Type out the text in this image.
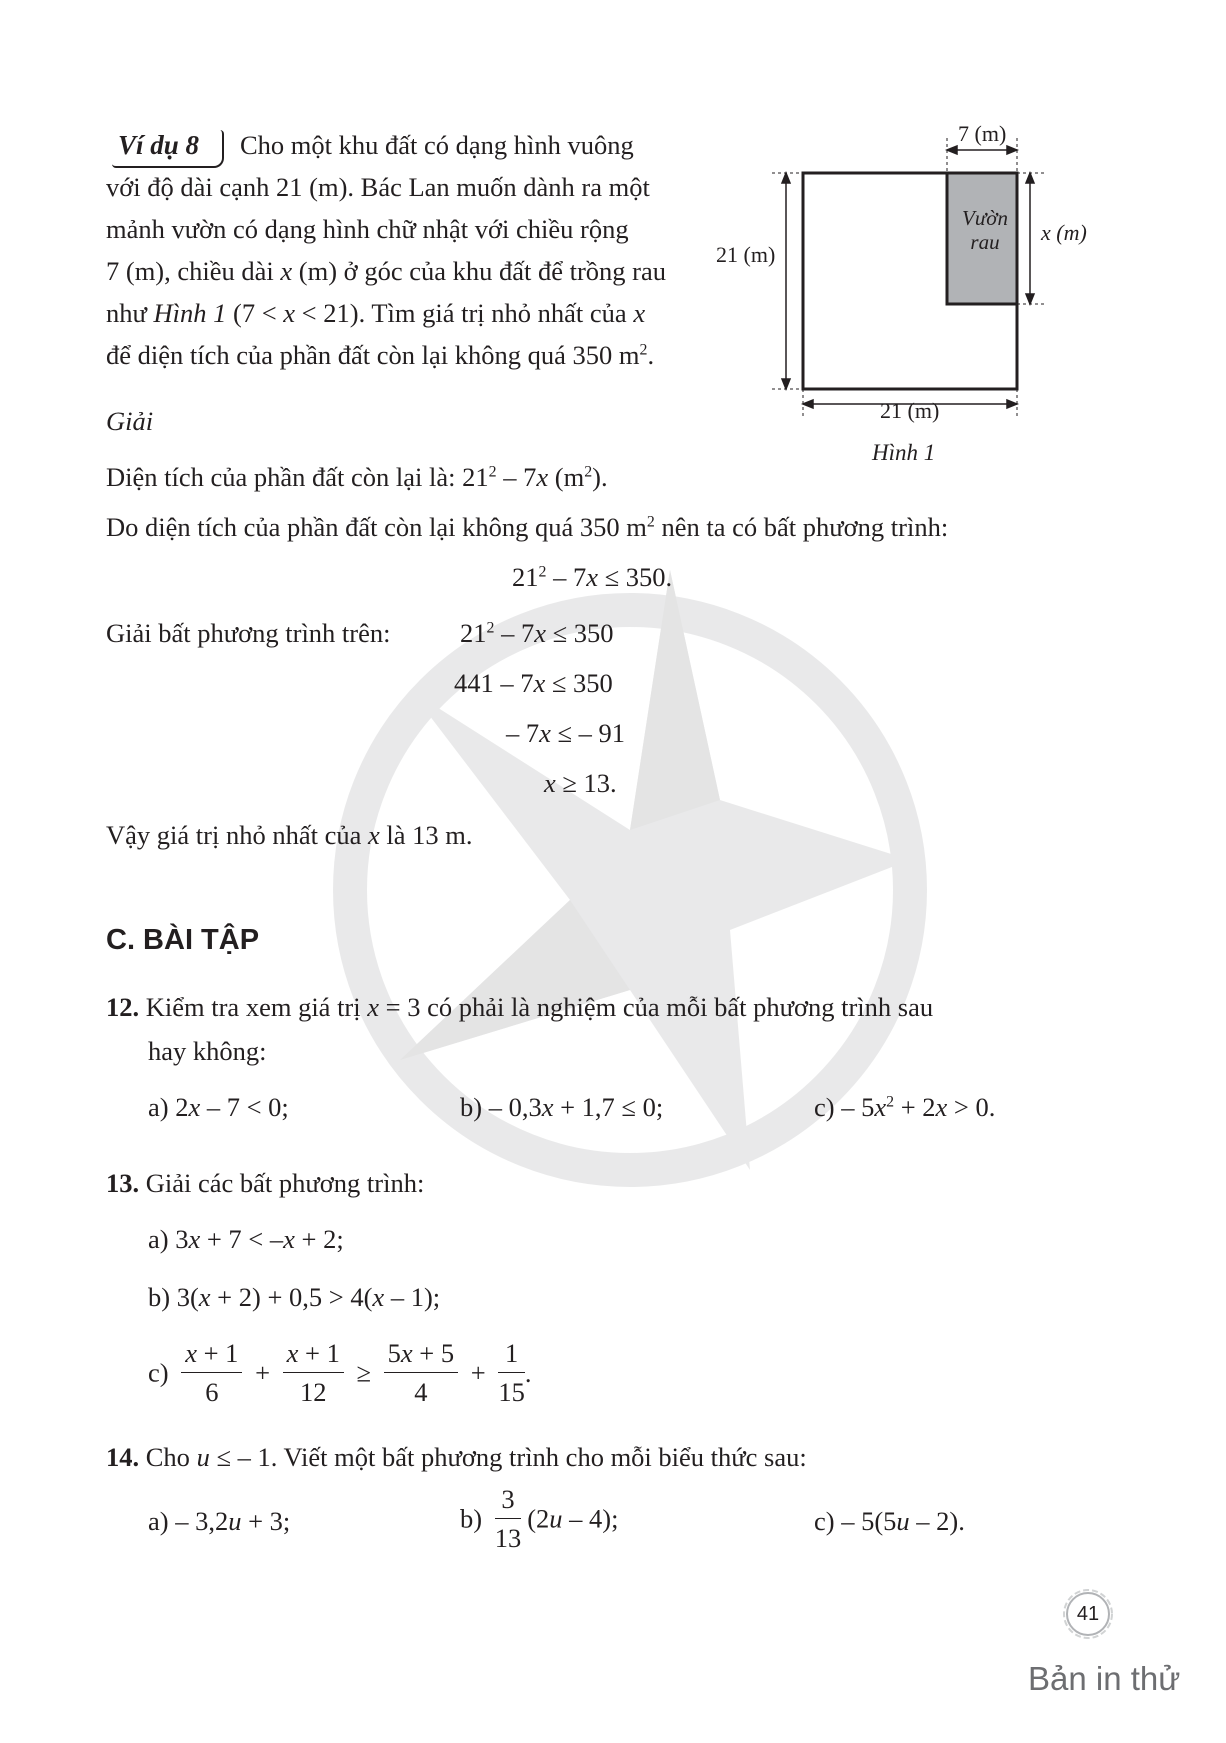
Ví dụ 8 Cho một khu đất có dạng hình vuông
với độ dài cạnh 21 (m). Bác Lan muốn dành ra một
mảnh vườn có dạng hình chữ nhật với chiều rộng
7 (m), chiều dài x (m) ở góc của khu đất để trồng rau
như Hình 1 (7 < x < 21). Tìm giá trị nhỏ nhất của x
để diện tích của phần đất còn lại không quá 350 $m^2$.
7 (m)
21 (m)
x (m)
21 (m)
Vườn
rau
Hình 1
Giải
Diện tích của phần đất còn lại là: $21^2 - 7x$ $(m^2)$.
Do diện tích của phần đất còn lại không quá 350 $m^2$ nên ta có bất phương trình:
$21^2 - 7x \le 350$.
Giải bất phương trình trên:	$21^2 - 7x \le 350$
441 – 7x ≤ 350
– 7x ≤ – 91
x ≥ 13.
Vậy giá trị nhỏ nhất của x là 13 m.
C. BÀI TẬP
12. Kiểm tra xem giá trị x = 3 có phải là nghiệm của mỗi bất phương trình sau
hay không:
a) 2x – 7 < 0;	b) – 0,3x + 1,7 ≤ 0;	$c) - 5x^2 + 2x > 0$.
13. Giải các bất phương trình:
a) 3x + 7 < –x + 2;
b) 3(x + 2) + 0,5 > 4(x – 1);
$c) \frac{x + 1}{6} + \frac{x + 1}{12} \ge \frac{5x + 5}{4} + \frac{1}{15}$ .
14. Cho u ≤ – 1. Viết một bất phương trình cho mỗi biểu thức sau:
a) – 3,2u + 3;	$b) \frac{3}{13} (2u - 4)$;	c) – 5(5u – 2).
41
Bản in thử
